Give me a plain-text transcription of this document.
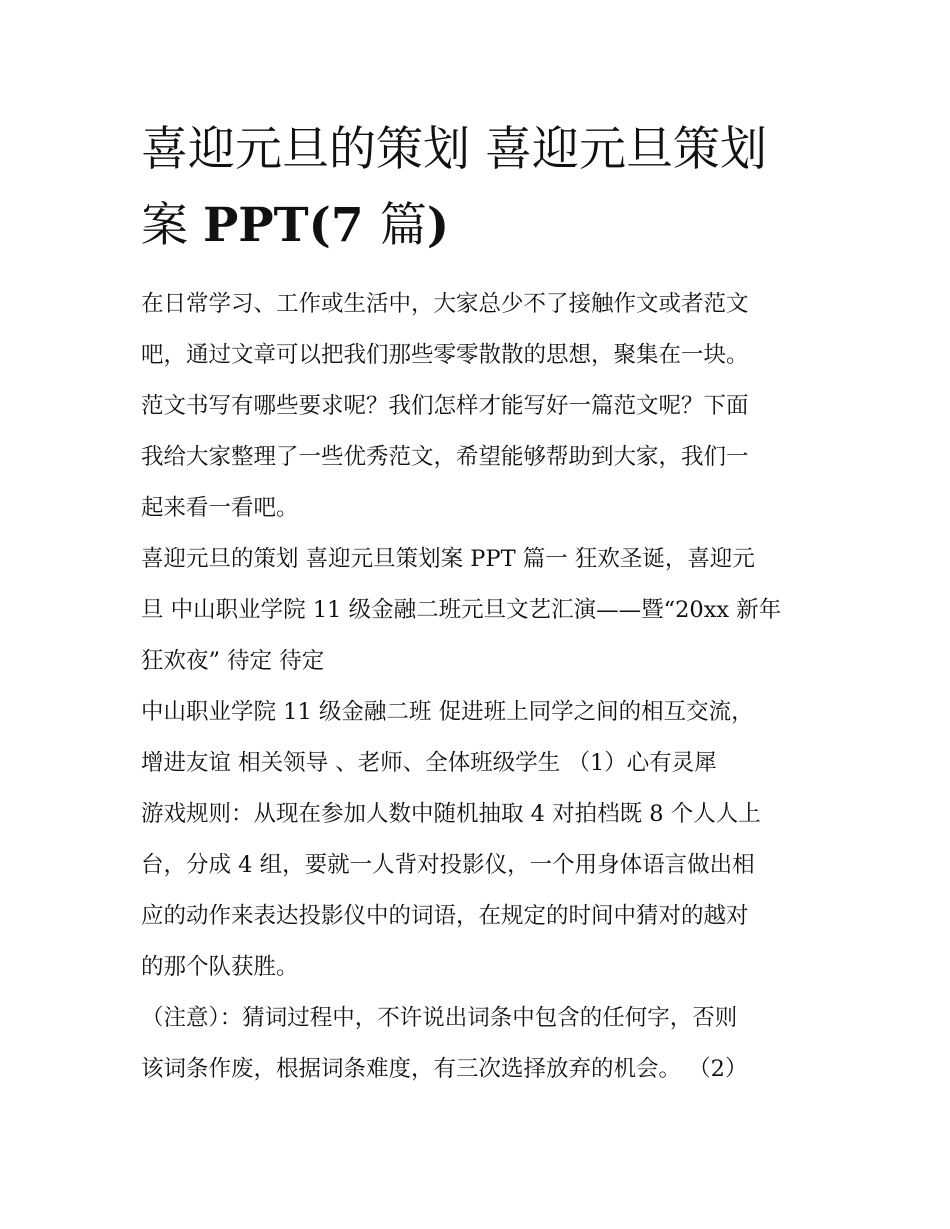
喜迎元旦的策划 喜迎元旦策划
案 PPT(7 篇)

在日常学习、工作或生活中，大家总少不了接触作文或者范文

吧，通过文章可以把我们那些零零散散的思想，聚集在一块。

范文书写有哪些要求呢？我们怎样才能写好一篇范文呢？下面

我给大家整理了一些优秀范文，希望能够帮助到大家，我们一

起来看一看吧。

喜迎元旦的策划 喜迎元旦策划案 PPT 篇一 狂欢圣诞，喜迎元

旦 中山职业学院 11 级金融二班元旦文艺汇演——暨“20xx 新年

狂欢夜” 待定 待定

中山职业学院 11 级金融二班 促进班上同学之间的相互交流，

增进友谊 相关领导 、老师、全体班级学生 （1）心有灵犀

游戏规则：从现在参加人数中随机抽取 4 对拍档既 8 个人人上

台，分成 4 组，要就一人背对投影仪，一个用身体语言做出相

应的动作来表达投影仪中的词语，在规定的时间中猜对的越对

的那个队获胜。

（注意）：猜词过程中，不许说出词条中包含的任何字，否则

该词条作废，根据词条难度，有三次选择放弃的机会。 （2）
